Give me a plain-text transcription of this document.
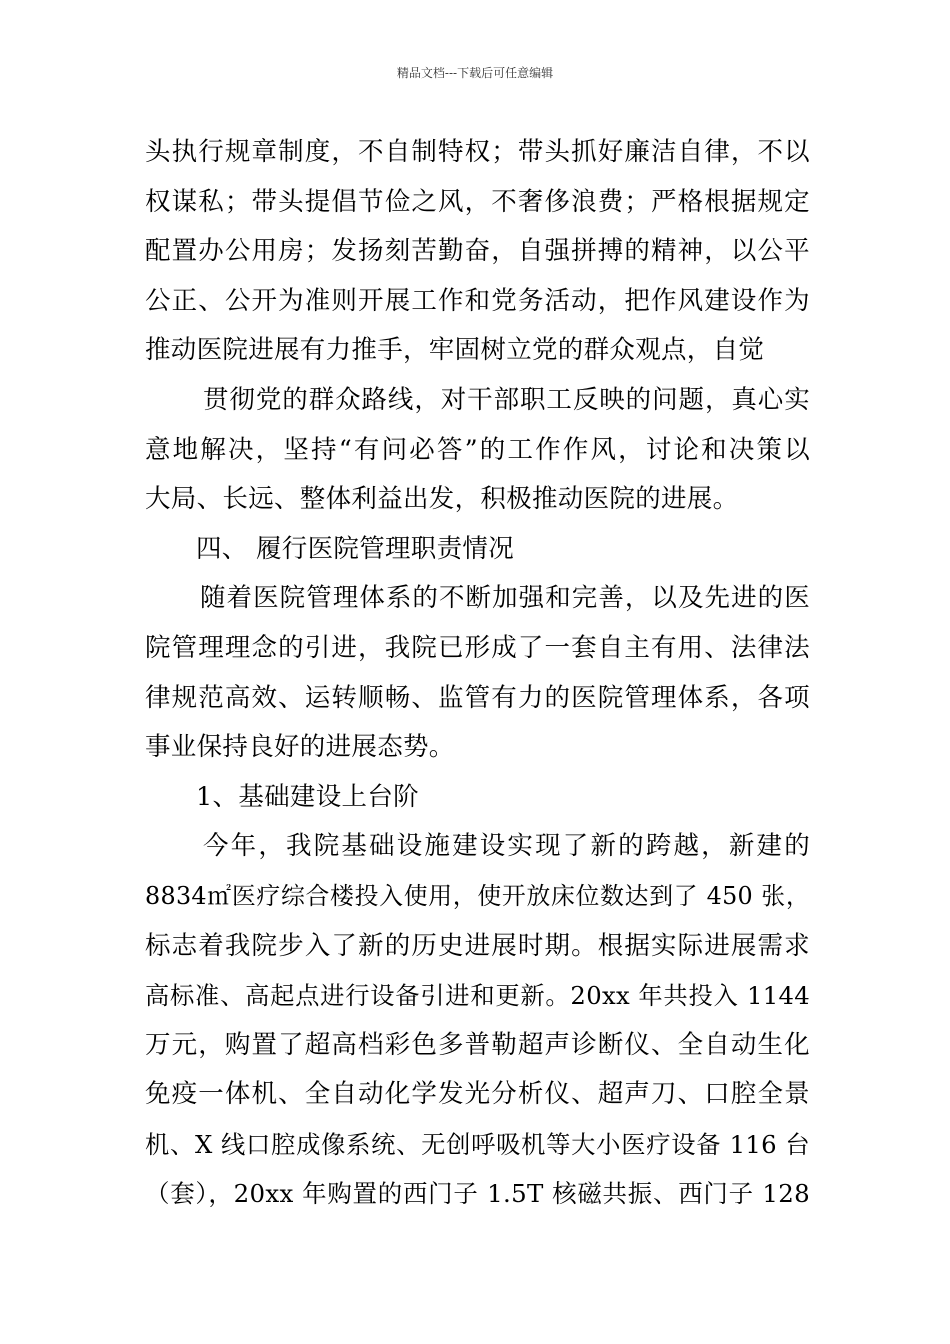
精品文档---下载后可任意编辑
头执行规章制度，不自制特权；带头抓好廉洁自律，不以
权谋私；带头提倡节俭之风，不奢侈浪费；严格根据规定
配置办公用房；发扬刻苦勤奋，自强拼搏的精神，以公平
公正、公开为准则开展工作和党务活动，把作风建设作为
推动医院进展有力推手，牢固树立党的群众观点，自觉
贯彻党的群众路线，对干部职工反映的问题，真心实
意地解决，坚持“有问必答”的工作作风，讨论和决策以
大局、长远、整体利益出发，积极推动医院的进展。
四、 履行医院管理职责情况
随着医院管理体系的不断加强和完善，以及先进的医
院管理理念的引进，我院已形成了一套自主有用、法律法
律规范高效、运转顺畅、监管有力的医院管理体系，各项
事业保持良好的进展态势。
1、基础建设上台阶
今年，我院基础设施建设实现了新的跨越，新建的
8834㎡医疗综合楼投入使用，使开放床位数达到了 450 张，
标志着我院步入了新的历史进展时期。根据实际进展需求
高标准、高起点进行设备引进和更新。20xx 年共投入 1144
万元，购置了超高档彩色多普勒超声诊断仪、全自动生化
免疫一体机、全自动化学发光分析仪、超声刀、口腔全景
机、X 线口腔成像系统、无创呼吸机等大小医疗设备 116 台
（套），20xx 年购置的西门子 1.5T 核磁共振、西门子 128
